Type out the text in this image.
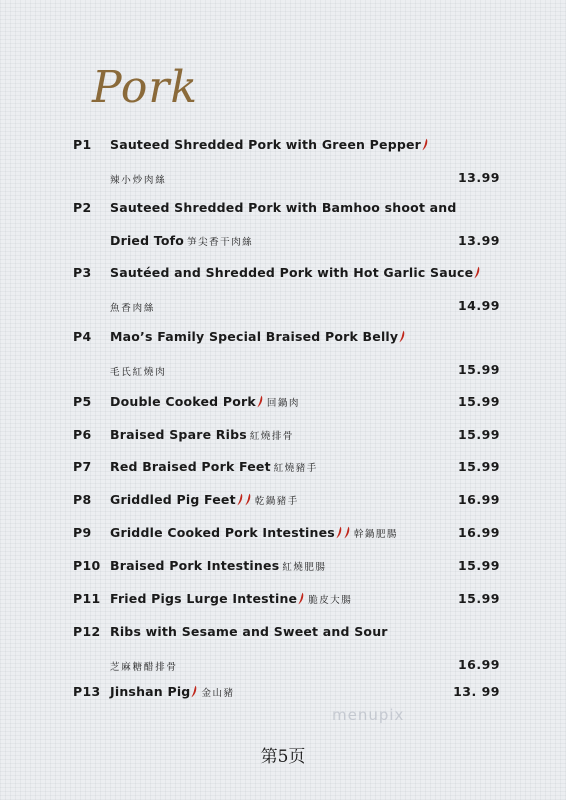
Pork
P1 Sauteed Shredded Pork with Green Pepper
辣小炒肉絲	13.99
P2 Sauteed Shredded Pork with Bamhoo shoot and
Dried Tofo 笋尖香干肉絲	13.99
P3 Sautéed and Shredded Pork with Hot Garlic Sauce
魚香肉絲	14.99
P4 Mao’s Family Special Braised Pork Belly
毛氏紅燒肉	15.99
P5 Double Cooked Pork 回鍋肉	15.99
P6 Braised Spare Ribs 紅燒排骨	15.99
P7 Red Braised Pork Feet 紅燒豬手	15.99
P8 Griddled Pig Feet 乾鍋豬手	16.99
P9 Griddle Cooked Pork Intestines 幹鍋肥腸	16.99
P10 Braised Pork Intestines 紅燒肥腸	15.99
P11 Fried Pigs Lurge Intestine 脆皮大腸	15.99
P12 Ribs with Sesame and Sweet and Sour
芝麻糖醋排骨	16.99
P13 Jinshan Pig 金山豬	13. 99
menupix
第5页
